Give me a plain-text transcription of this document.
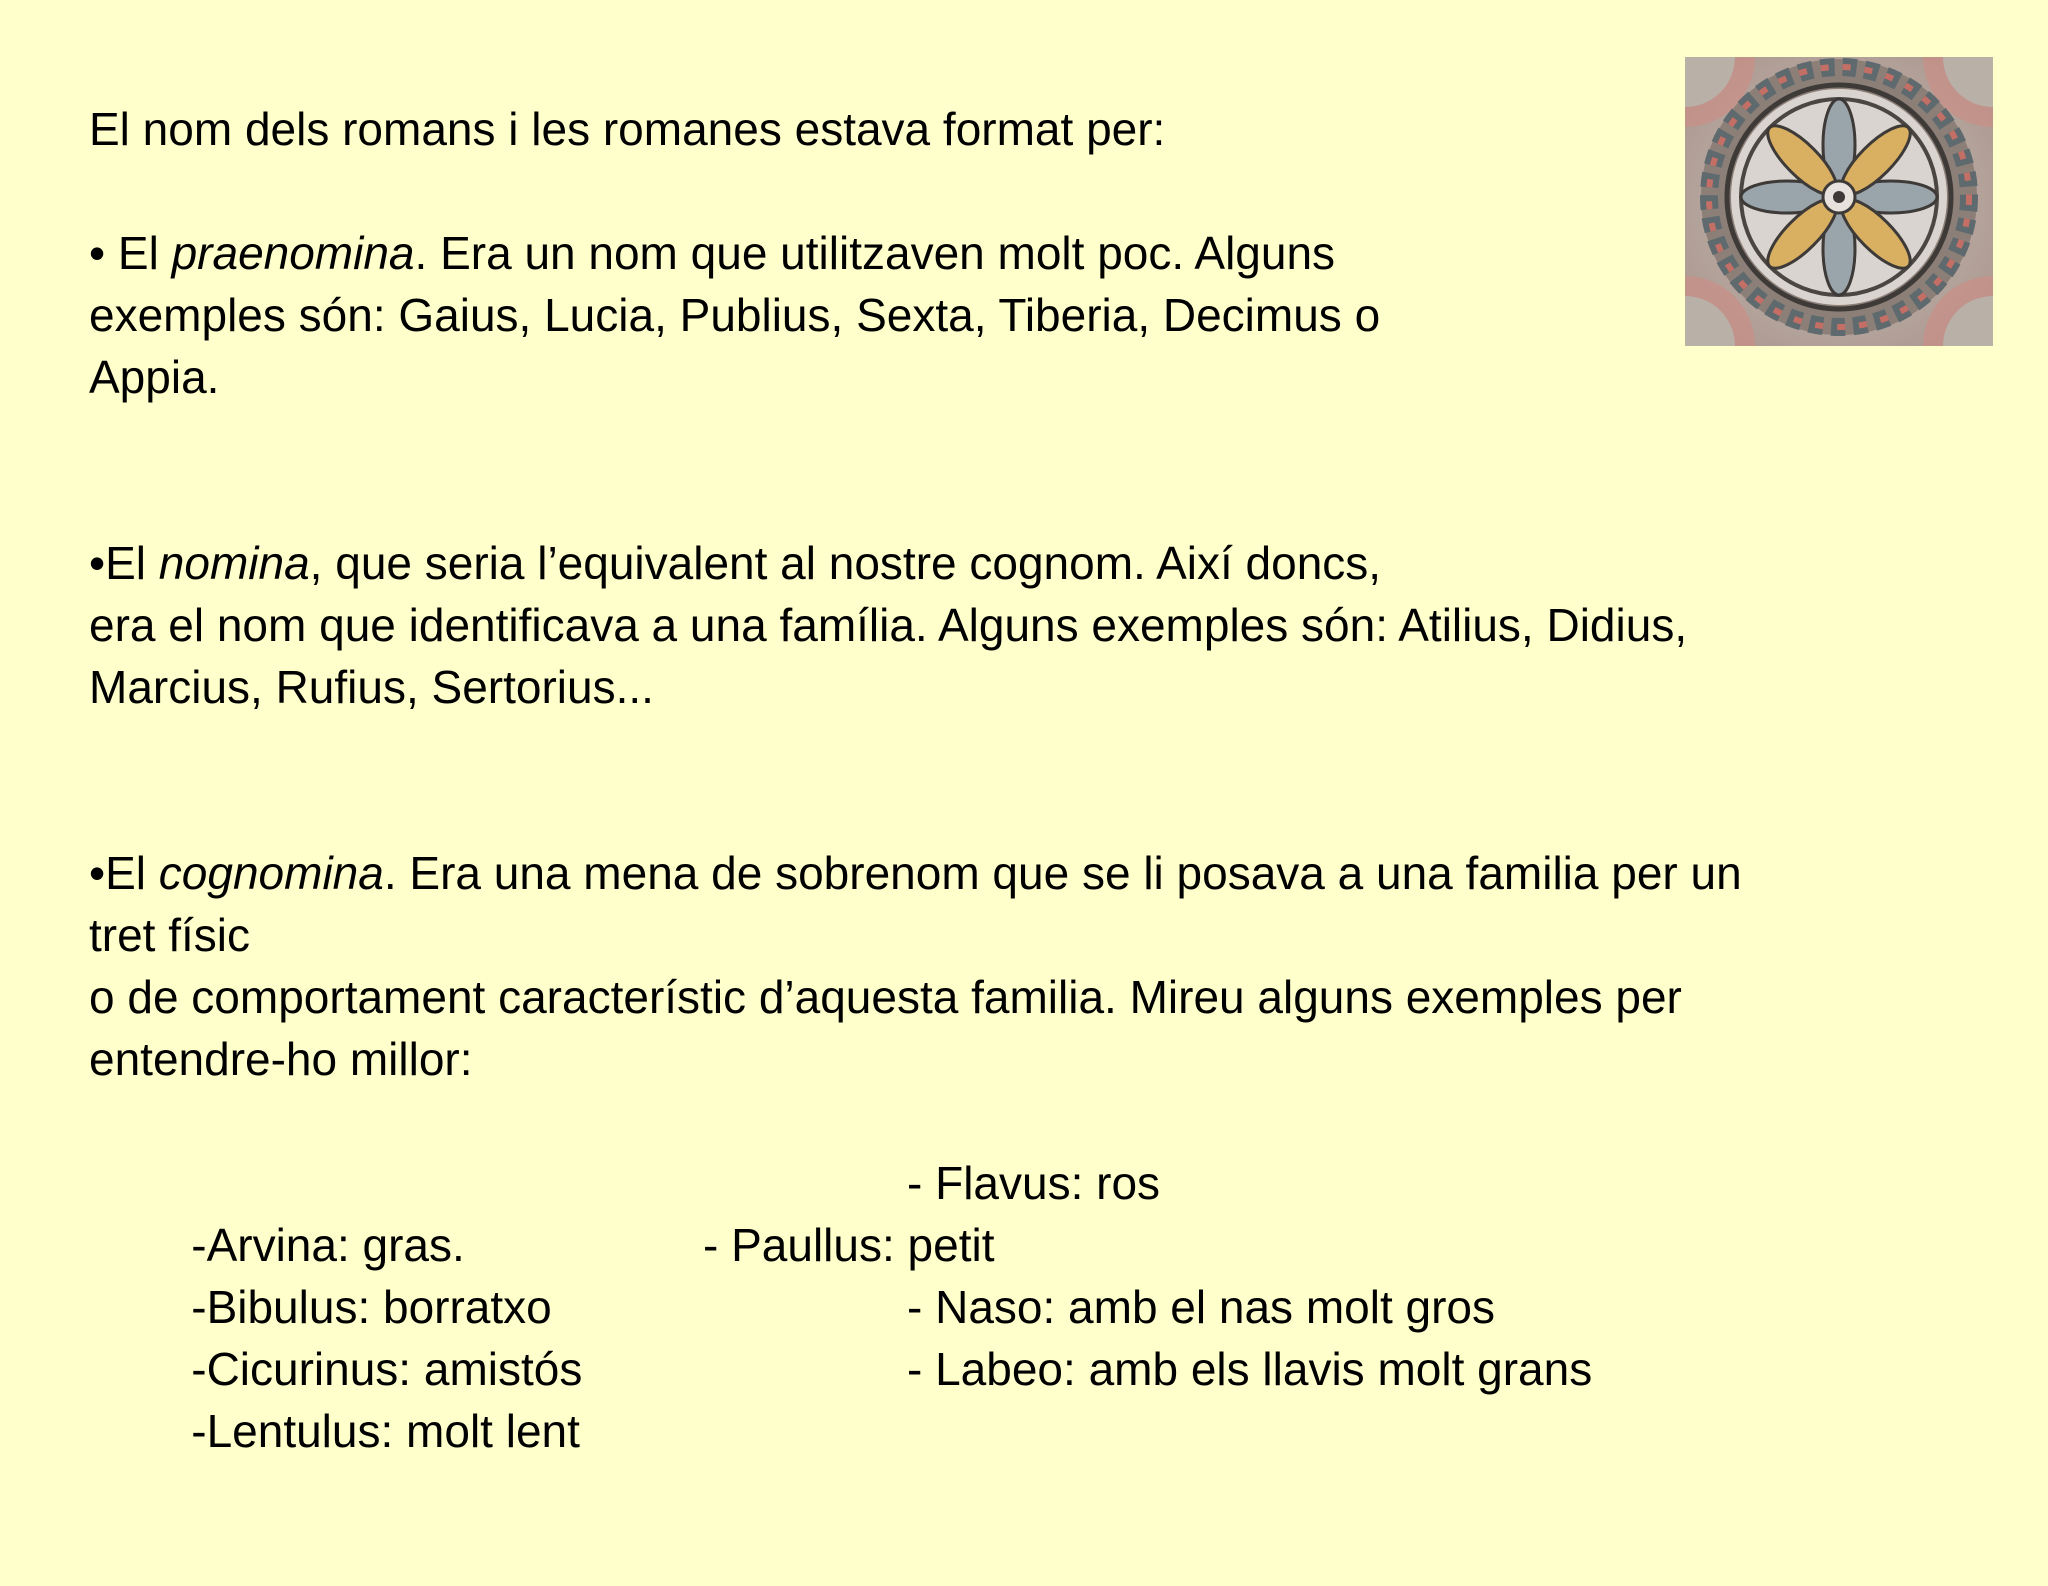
El nom dels romans i les romanes estava format per:
• El praenomina. Era un nom que utilitzaven molt poc. Alguns
exemples són: Gaius, Lucia, Publius, Sexta, Tiberia, Decimus o
Appia.
•El nomina, que seria l’equivalent al nostre cognom. Així doncs,
era el nom que identificava a una família. Alguns exemples són: Atilius, Didius,
Marcius, Rufius, Sertorius...
•El cognomina. Era una mena de sobrenom que se li posava a una familia per un
tret físic
o de comportament característic d’aquesta familia. Mireu alguns exemples per
entendre-ho millor:

-Arvina: gras.

- Flavus: ros

-Bibulus: borratxo

- Paullus: petit

-Cicurinus: amistós

- Naso: amb el nas molt gros

-Lentulus: molt lent

- Labeo: amb els llavis molt grans
